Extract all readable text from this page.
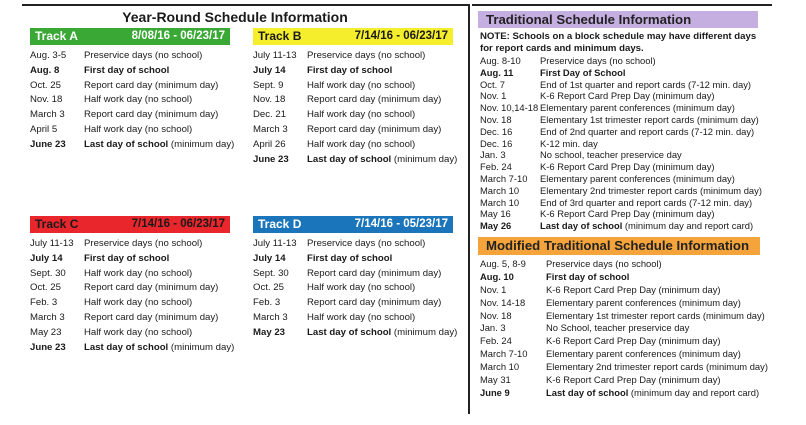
Year-Round Schedule Information
Track A	8/08/16 - 06/23/17
Aug. 3-5	Preservice days (no school)
Aug. 8	First day of school
Oct. 25	Report card day (minimum day)
Nov. 18	Half work day (no school)
March 3	Report card day (minimum day)
April 5	Half work day (no school)
June 23	Last day of school (minimum day)
Track B	7/14/16 - 06/23/17
July 11-13	Preservice days (no school)
July 14	First day of school
Sept. 9	Half work day (no school)
Nov. 18	Report card day (minimum day)
Dec. 21	Half work day (no school)
March 3	Report card day (minimum day)
April 26	Half work day (no school)
June 23	Last day of school (minimum day)
Track C	7/14/16 - 06/23/17
July 11-13	Preservice days (no school)
July 14	First day of school
Sept. 30	Half work day (no school)
Oct. 25	Report card day (minimum day)
Feb. 3	Half work day (no school)
March 3	Report card day (minimum day)
May 23	Half work day (no school)
June 23	Last day of school (minimum day)
Track D	7/14/16 - 05/23/17
July 11-13	Preservice days (no school)
July 14	First day of school
Sept. 30	Report card day (minimum day)
Oct. 25	Half work day (no school)
Feb. 3	Report card day (minimum day)
March 3	Half work day (no school)
May 23	Last day of school (minimum day)
Traditional Schedule Information
NOTE: Schools on a block schedule may have different days for report cards and minimum days.
Aug. 8-10	Preservice days (no school)
Aug. 11	First Day of School
Oct. 7	End of 1st quarter and report cards (7-12 min. day)
Nov. 1	K-6 Report Card Prep Day (minimum day)
Nov. 10,14-18 Elementary parent conferences (minimum day)
Nov. 18	Elementary 1st trimester report cards (minimum day)
Dec. 16	End of 2nd quarter and report cards (7-12 min. day)
Dec. 16	K-12 min. day
Jan. 3	No school, teacher preservice day
Feb. 24	K-6 Report Card Prep Day (minimum day)
March 7-10	Elementary parent conferences (minimum day)
March 10	Elementary 2nd trimester report cards (minimum day)
March 10	End of 3rd quarter and report cards (7-12 min. day)
May 16	K-6 Report Card Prep Day (minimum day)
May 26	Last day of school (minimum day and report card)
Modified Traditional Schedule Information
Aug. 5, 8-9	Preservice days (no school)
Aug. 10	First day of school
Nov. 1	K-6 Report Card Prep Day (minimum day)
Nov. 14-18	Elementary parent conferences (minimum day)
Nov. 18	Elementary 1st trimester report cards (minimum day)
Jan. 3	No School, teacher preservice day
Feb. 24	K-6 Report Card Prep Day (minimum day)
March 7-10	Elementary parent conferences (minimum day)
March 10	Elementary 2nd trimester report cards (minimum day)
May 31	K-6 Report Card Prep Day (minimum day)
June 9	Last day of school (minimum day and report card)
